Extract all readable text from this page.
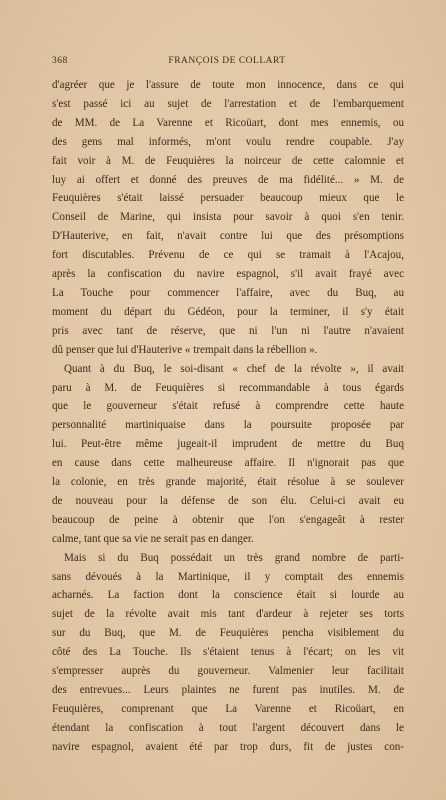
368	FRANÇOIS DE COLLART
d'agréer que je l'assure de toute mon innocence, dans ce qui
s'est passé ici au sujet de l'arrestation et de l'embarquement
de MM. de La Varenne et Ricoüart, dont mes ennemis, ou
des gens mal informés, m'ont voulu rendre coupable. J'ay
fait voir à M. de Feuquières la noirceur de cette calomnie et
luy ai offert et donné des preuves de ma fidélité... » M. de
Feuquières s'était laissé persuader beaucoup mieux que le
Conseil de Marine, qui insista pour savoir à quoi s'en tenir.
D'Hauterive, en fait, n'avait contre lui que des présomptions
fort discutables. Prévenu de ce qui se tramait à l'Acajou,
après la confiscation du navire espagnol, s'il avait frayé avec
La Touche pour commencer l'affaire, avec du Buq, au
moment du départ du Gédéon, pour la terminer, il s'y était
pris avec tant de réserve, que ni l'un ni l'autre n'avaient
dû penser que lui d'Hauterive « trempait dans la rébellion ».
Quant à du Buq, le soi-disant « chef de la révolte », il avait
paru à M. de Feuquières si recommandable à tous égards
que le gouverneur s'était refusé à comprendre cette haute
personnalité martiniquaise dans la poursuite proposée par
lui. Peut-être même jugeait-il imprudent de mettre du Buq
en cause dans cette malheureuse affaire. Il n'ignorait pas que
la colonie, en très grande majorité, était résolue à se soulever
de nouveau pour la défense de son élu. Celui-ci avait eu
beaucoup de peine à obtenir que l'on s'engageât à rester
calme, tant que sa vie ne serait pas en danger.
Mais si du Buq possédait un très grand nombre de parti-
sans dévoués à la Martinique, il y comptait des ennemis
acharnés. La faction dont la conscience était si lourde au
sujet de la révolte avait mis tant d'ardeur à rejeter ses torts
sur du Buq, que M. de Feuquières pencha visiblement du
côté des La Touche. Ils s'étaient tenus à l'écart; on les vit
s'empresser auprès du gouverneur. Valmenier leur facilitait
des entrevues... Leurs plaintes ne furent pas inutiles. M. de
Feuquières, comprenant que La Varenne et Ricoüart, en
étendant la confiscation à tout l'argent découvert dans le
navire espagnol, avaient été par trop durs, fit de justes con-
